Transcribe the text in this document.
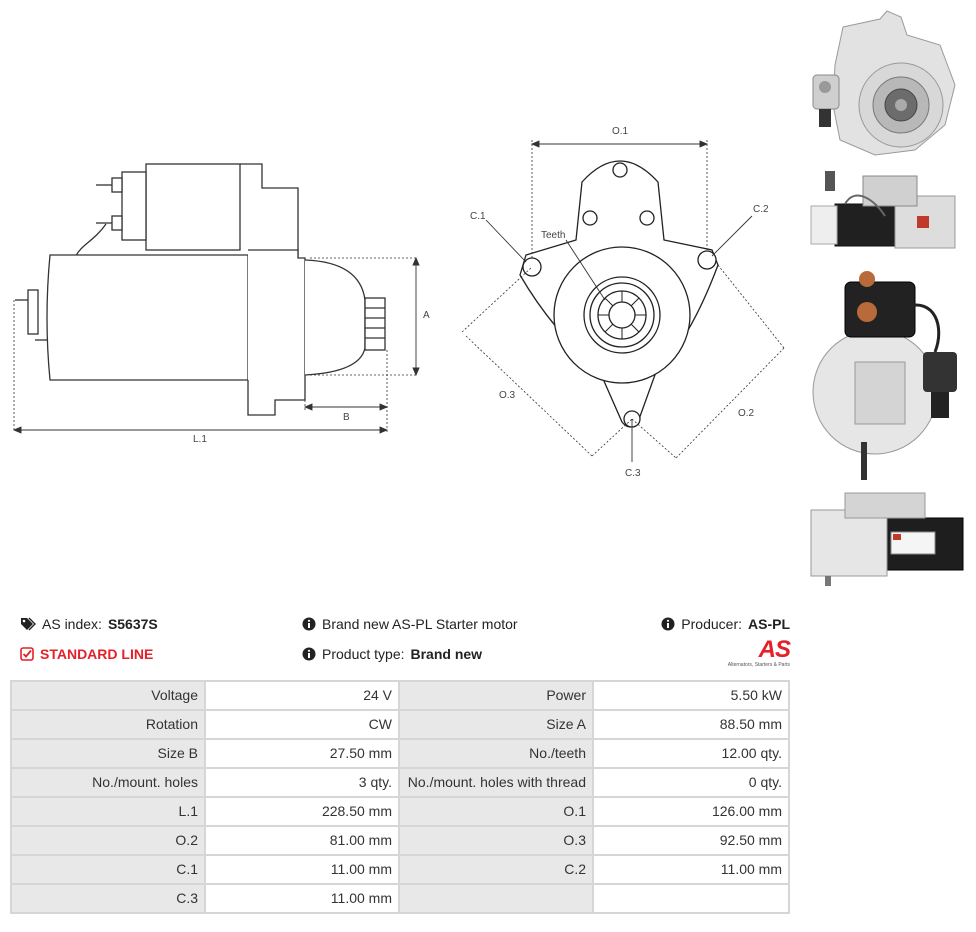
A
B
L.1
O.1
O.2
O.3
C.1
C.2
C.3
Teeth
AS index: S5637S
STANDARD LINE
Brand new AS-PL Starter motor
Product type: Brand new
Producer: AS-PL
AS
Alternators, Starters & Parts
Voltage	24 V	Power	5.50 kW
Rotation	CW	Size A	88.50 mm
Size B	27.50 mm	No./teeth	12.00 qty.
No./mount. holes	3 qty.	No./mount. holes with thread	0 qty.
L.1	228.50 mm	O.1	126.00 mm
O.2	81.00 mm	O.3	92.50 mm
C.1	11.00 mm	C.2	11.00 mm
C.3	11.00 mm		
